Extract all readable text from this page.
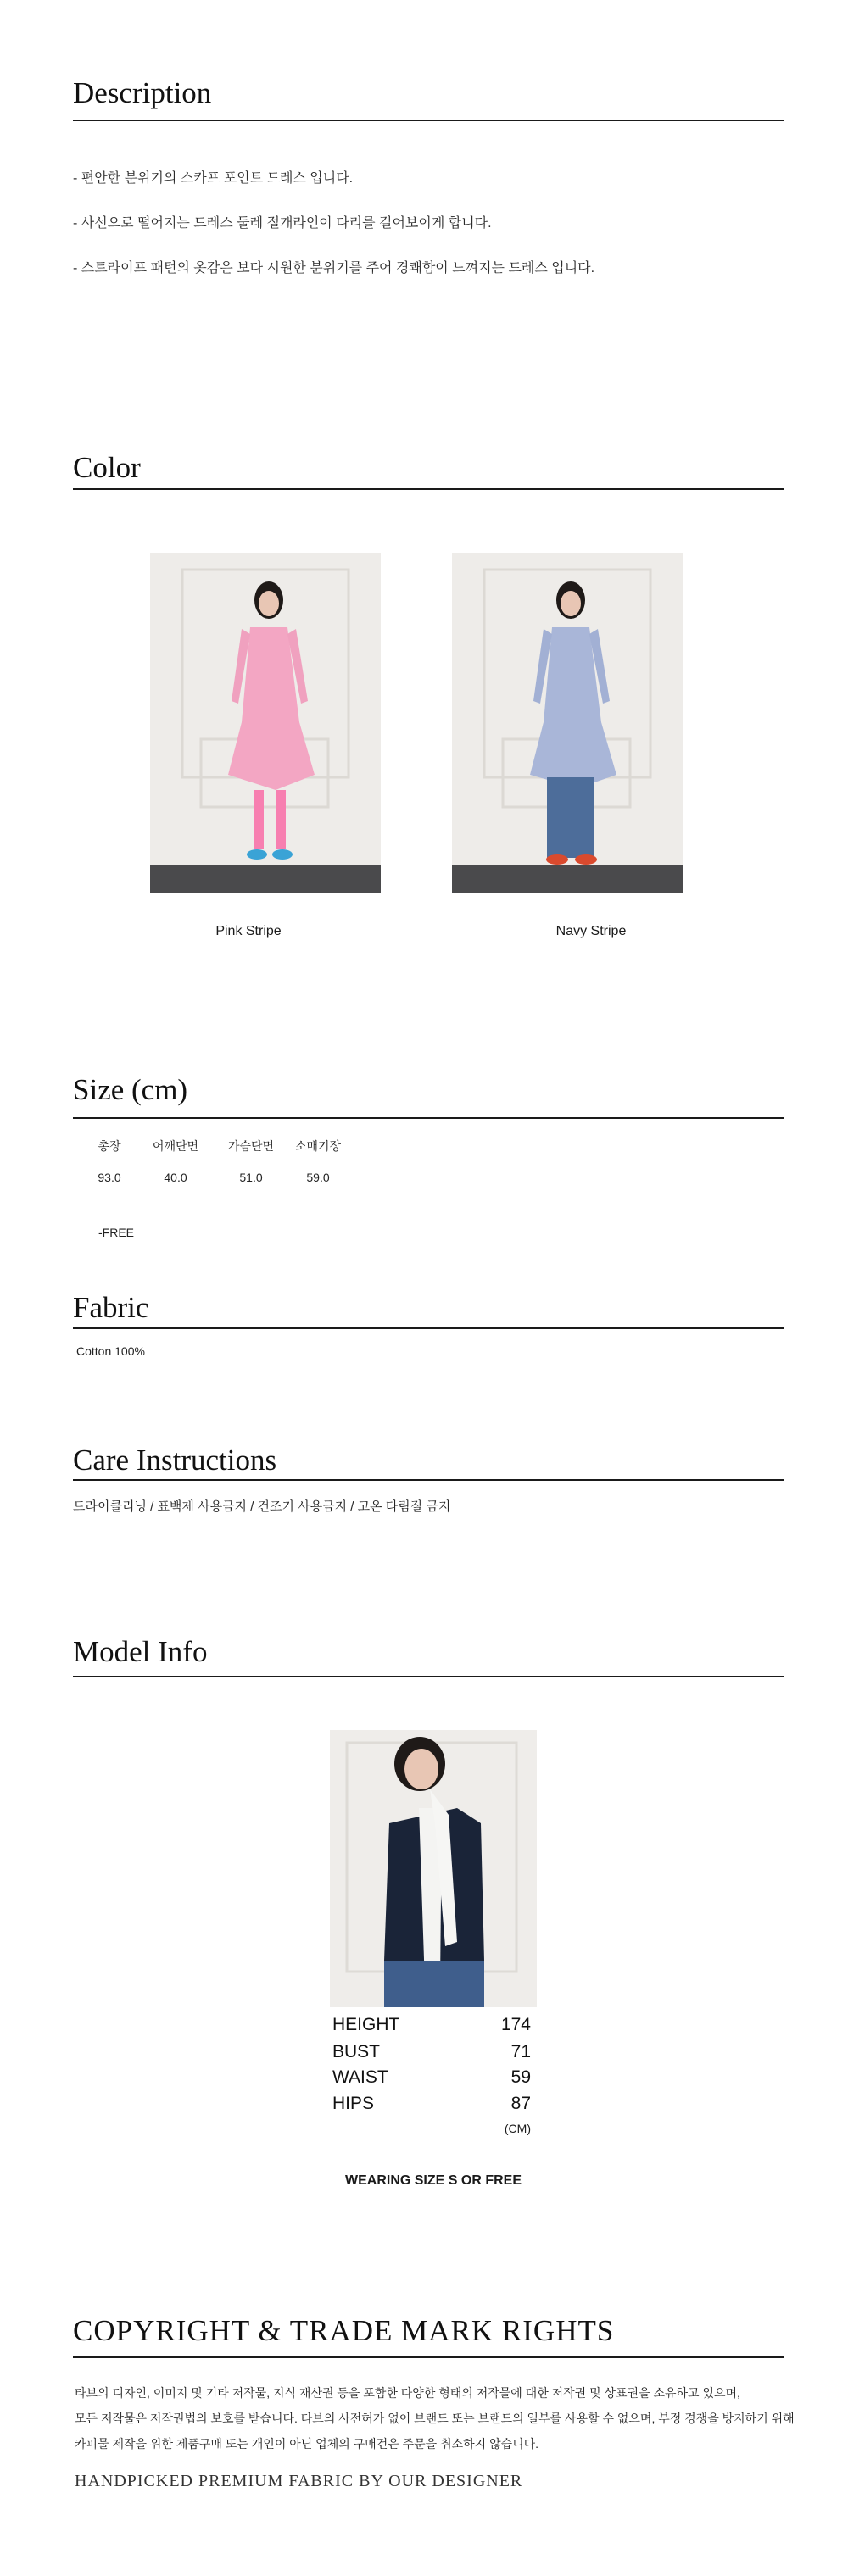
Description
- 편안한 분위기의 스카프 포인트 드레스 입니다.
- 사선으로 떨어지는 드레스 둘레 절개라인이 다리를 길어보이게 합니다.
- 스트라이프 패턴의 옷감은 보다 시원한 분위기를 주어 경쾌함이 느껴지는 드레스 입니다.
Color
Pink Stripe	Navy Stripe
Size (cm)
총장	어깨단면	가슴단면	소매기장
93.0	40.0	51.0	59.0
-FREE
Fabric
Cotton 100%
Care Instructions
드라이클리닝 / 표백제 사용금지 / 건조기 사용금지 / 고온 다림질 금지
Model Info
HEIGHT	174
BUST	71
WAIST	59
HIPS	87
(CM)
WEARING SIZE S OR FREE
COPYRIGHT & TRADE MARK RIGHTS
타브의 디자인, 이미지 및 기타 저작물, 지식 재산권 등을 포함한 다양한 형태의 저작물에 대한 저작권 및 상표권을 소유하고 있으며,
모든 저작물은 저작권법의 보호를 받습니다. 타브의 사전허가 없이 브랜드 또는 브랜드의 일부를 사용할 수 없으며, 부정 경쟁을 방지하기 위해
카피물 제작을 위한 제품구매 또는 개인이 아닌 업체의 구매건은 주문을 취소하지 않습니다.
HANDPICKED PREMIUM FABRIC BY OUR DESIGNER
